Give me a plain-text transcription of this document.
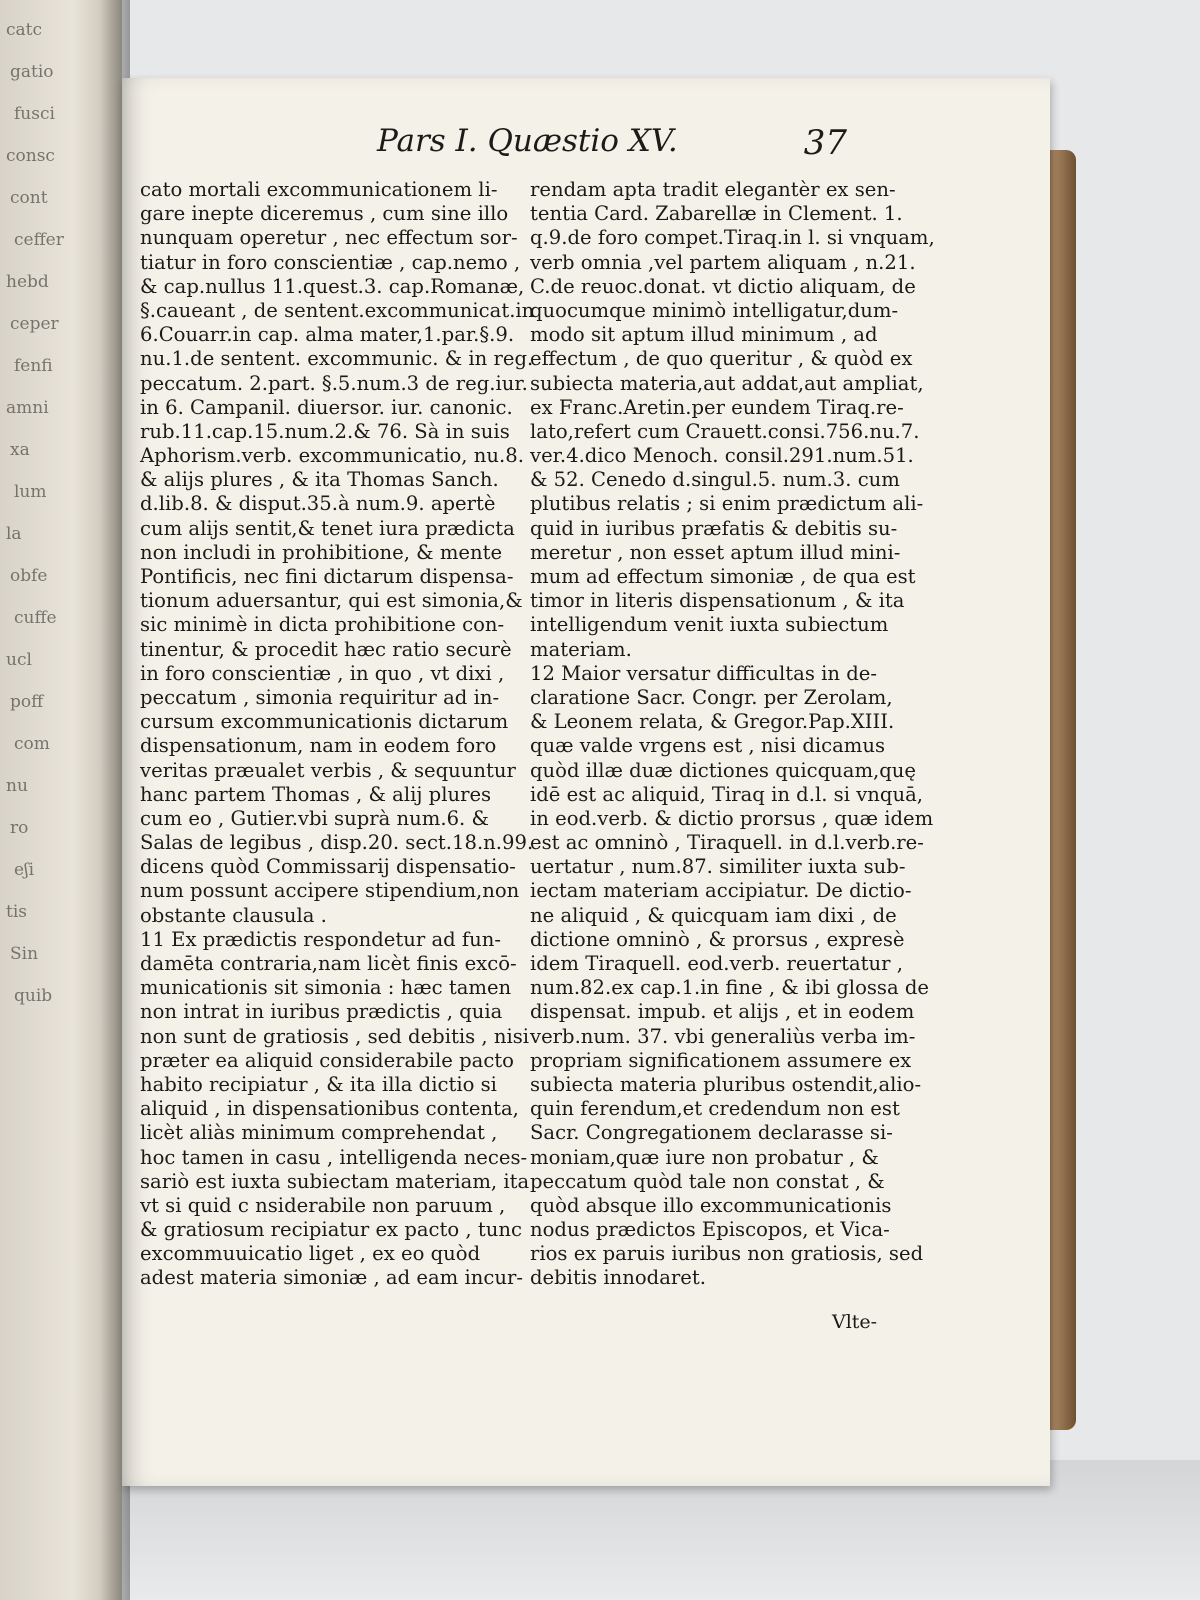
catc
gatio
fusci
consc
cont
ceffer
hebd
ceper
fenfi
amni
xa
lum
la
obfe
cuffe
ucl
poff
com
nu
ro
eʃi
tis
Sin
quib
Pars I. Quæstio XV.	37
cato mortali excommunicationem li-
gare inepte diceremus , cum sine illo
nunquam operetur , nec effectum sor-
tiatur in foro conscientiæ , cap.nemo ,
& cap.nullus 11.quest.3. cap.Romanæ,
§.caueant , de sentent.excommunicat.in
6.Couarr.in cap. alma mater,1.par.§.9.
nu.1.de sentent. excommunic. & in reg.
peccatum. 2.part. §.5.num.3 de reg.iur.
in 6. Campanil. diuersor. iur. canonic.
rub.11.cap.15.num.2.& 76. Sà in suis
Aphorism.verb. excommunicatio, nu.8.
& alijs plures , & ita Thomas Sanch.
d.lib.8. & disput.35.à num.9. apertè
cum alijs sentit,& tenet iura prædicta
non includi in prohibitione, & mente
Pontificis, nec fini dictarum dispensa-
tionum aduersantur, qui est simonia,&
sic minimè in dicta prohibitione con-
tinentur, & procedit hæc ratio securè
in foro conscientiæ , in quo , vt dixi ,
peccatum , simonia requiritur ad in-
cursum excommunicationis dictarum
dispensationum, nam in eodem foro
veritas præualet verbis , & sequuntur
hanc partem Thomas , & alij plures
cum eo , Gutier.vbi suprà num.6. &
Salas de legibus , disp.20. sect.18.n.99.
dicens quòd Commissarij dispensatio-
num possunt accipere stipendium,non
obstante clausula .
11 Ex prædictis respondetur ad fun-
damēta contraria,nam licèt finis excō-
municationis sit simonia : hæc tamen
non intrat in iuribus prædictis , quia
non sunt de gratiosis , sed debitis , nisi
præter ea aliquid considerabile pacto
habito recipiatur , & ita illa dictio si
aliquid , in dispensationibus contenta,
licèt aliàs minimum comprehendat ,
hoc tamen in casu , intelligenda neces-
sariò est iuxta subiectam materiam, ita
vt si quid c nsiderabile non paruum ,
& gratiosum recipiatur ex pacto , tunc
excommuuicatio liget , ex eo quòd
adest materia simoniæ , ad eam incur-
rendam apta tradit elegantèr ex sen-
tentia Card. Zabarellæ in Clement. 1.
q.9.de foro compet.Tiraq.in l. si vnquam,
verb omnia ,vel partem aliquam , n.21.
C.de reuoc.donat. vt dictio aliquam, de
quocumque minimò intelligatur,dum-
modo sit aptum illud minimum , ad
effectum , de quo queritur , & quòd ex
subiecta materia,aut addat,aut ampliat,
ex Franc.Aretin.per eundem Tiraq.re-
lato,refert cum Crauett.consi.756.nu.7.
ver.4.dico Menoch. consil.291.num.51.
& 52. Cenedo d.singul.5. num.3. cum
plutibus relatis ; si enim prædictum ali-
quid in iuribus præfatis & debitis su-
meretur , non esset aptum illud mini-
mum ad effectum simoniæ , de qua est
timor in literis dispensationum , & ita
intelligendum venit iuxta subiectum
materiam.
12 Maior versatur difficultas in de-
claratione Sacr. Congr. per Zerolam,
& Leonem relata, & Gregor.Pap.XIII.
quæ valde vrgens est , nisi dicamus
quòd illæ duæ dictiones quicquam,quę
idē est ac aliquid, Tiraq in d.l. si vnquā,
in eod.verb. & dictio prorsus , quæ idem
est ac omninò , Tiraquell. in d.l.verb.re-
uertatur , num.87. similiter iuxta sub-
iectam materiam accipiatur. De dictio-
ne aliquid , & quicquam iam dixi , de
dictione omninò , & prorsus , expresè
idem Tiraquell. eod.verb. reuertatur ,
num.82.ex cap.1.in fine , & ibi glossa de
dispensat. impub. et alijs , et in eodem
verb.num. 37. vbi generaliùs verba im-
propriam significationem assumere ex
subiecta materia pluribus ostendit,alio-
quin ferendum,et credendum non est
Sacr. Congregationem declarasse si-
moniam,quæ iure non probatur , &
peccatum quòd tale non constat , &
quòd absque illo excommunicationis
nodus prædictos Episcopos, et Vica-
rios ex paruis iuribus non gratiosis, sed
debitis innodaret.
Vlte-
